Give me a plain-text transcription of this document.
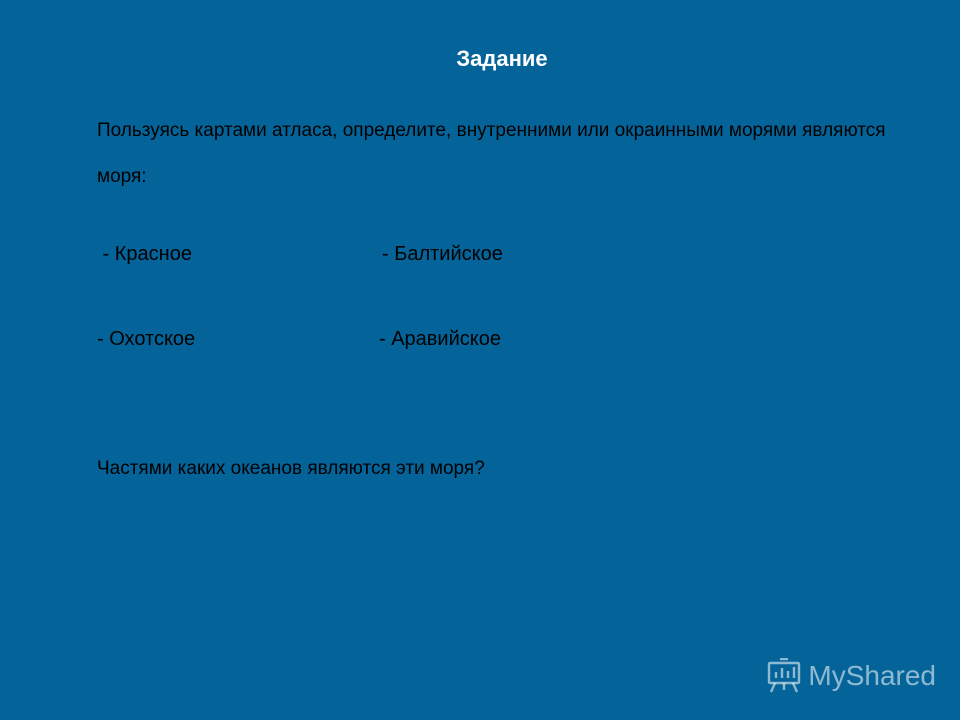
Задание
Пользуясь картами атласа, определите, внутренними или окраинными морями являются моря:
- Красное	- Балтийское
- Охотское	- Аравийское
Частями каких океанов являются эти моря?
MyShared
